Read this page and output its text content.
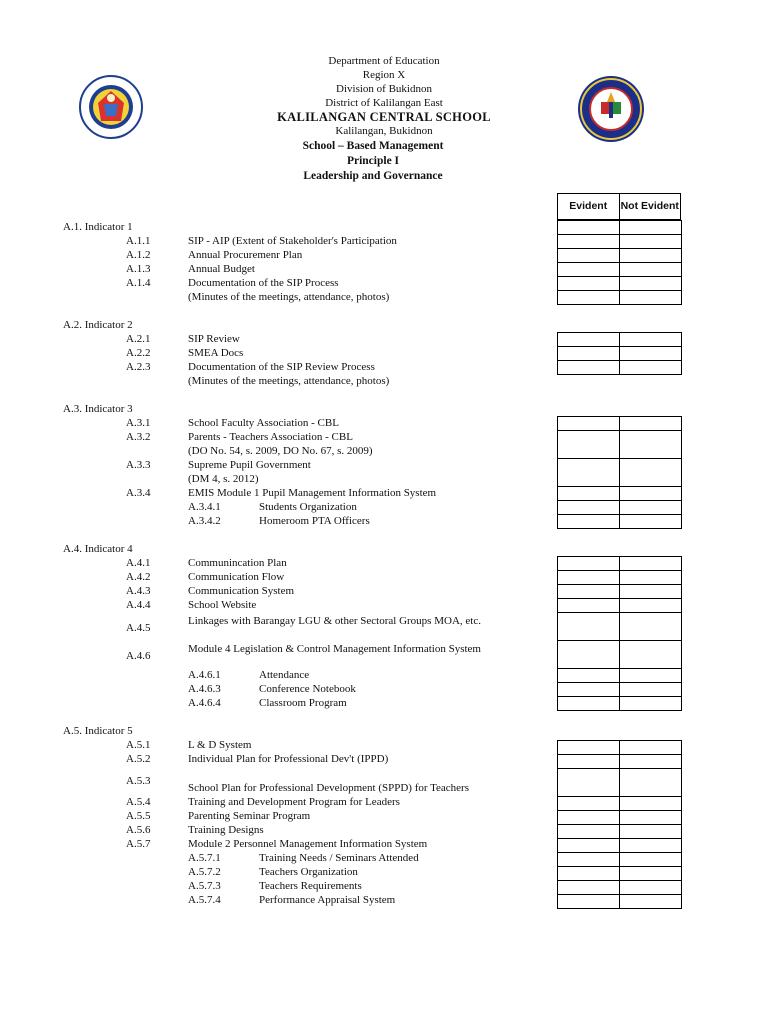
Department of Education
Region X
Division of Bukidnon
District of Kalilangan East
KALILANGAN CENTRAL SCHOOL
Kalilangan, Bukidnon
School – Based Management
Principle I
Leadership and Governance
Evident	Not Evident
A.1. Indicator 1
A.1.1	SIP - AIP (Extent of Stakeholder's Participation
A.1.2	Annual Procuremenr Plan
A.1.3	Annual Budget
A.1.4	Documentation of the SIP Process
(Minutes of the meetings, attendance, photos)

A.2. Indicator 2
A.2.1	SIP Review
A.2.2	SMEA Docs
A.2.3	Documentation of the SIP Review Process
(Minutes of the meetings, attendance, photos)

A.3. Indicator 3
A.3.1	School Faculty Association - CBL
A.3.2	Parents - Teachers Association - CBL
(DO No. 54, s. 2009, DO No. 67, s. 2009)
A.3.3	Supreme Pupil Government
(DM 4, s. 2012)
A.3.4	EMIS Module 1 Pupil Management Information System
A.3.4.1	Students Organization
A.3.4.2	Homeroom PTA Officers

A.4. Indicator 4
A.4.1	Communincation Plan
A.4.2	Communication Flow
A.4.3	Communication System
A.4.4	School Website
A.4.5
Linkages with Barangay LGU & other Sectoral Groups MOA, etc.
A.4.6
Module 4 Legislation & Control Management Information System
A.4.6.1	Attendance
A.4.6.3	Conference Notebook
A.4.6.4	Classroom Program

A.5. Indicator 5
A.5.1	L & D System
A.5.2	Individual Plan for Professional Dev't (IPPD)
A.5.3
School Plan for Professional Development (SPPD) for Teachers
A.5.4	Training and Development Program for Leaders
A.5.5	Parenting Seminar Program
A.5.6	Training Designs
A.5.7	Module 2 Personnel Management Information System
A.5.7.1	Training Needs / Seminars Attended
A.5.7.2	Teachers Organization
A.5.7.3	Teachers Requirements
A.5.7.4	Performance Appraisal System
